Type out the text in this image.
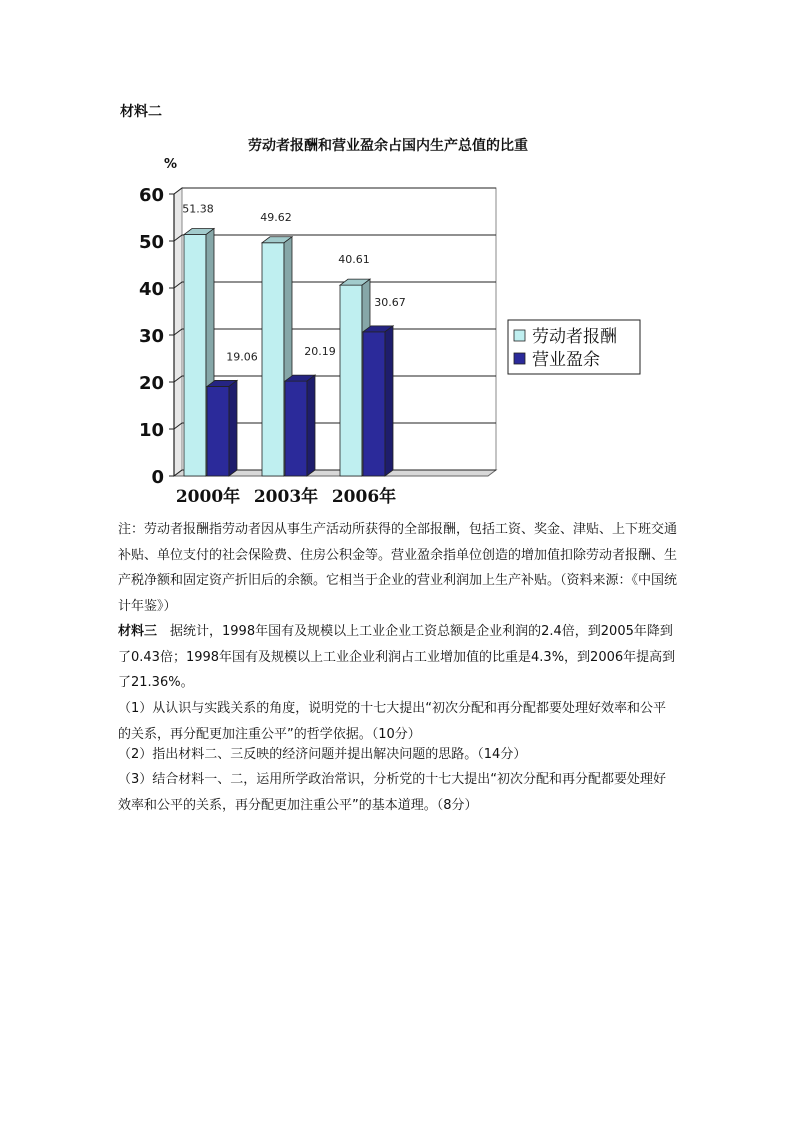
材料二
劳动者报酬和营业盈余占国内生产总值的比重
%
0
10
20
30
40
50
60
51.38
19.06
49.62
20.19
40.61
30.67
2000年 2003年 2006年
劳动者报酬
营业盈余
注：劳动者报酬指劳动者因从事生产活动所获得的全部报酬，包括工资、奖金、津贴、上下班交通补贴、单位支付的社会保险费、住房公积金等。营业盈余指单位创造的增加值扣除劳动者报酬、生产税净额和固定资产折旧后的余额。它相当于企业的营业利润加上生产补贴。（资料来源：《中国统计年鉴》）
材料三　据统计，1998年国有及规模以上工业企业工资总额是企业利润的2.4倍，到2005年降到了0.43倍；1998年国有及规模以上工业企业利润占工业增加值的比重是4.3%，到2006年提高到了21.36%。
（1）从认识与实践关系的角度，说明党的十七大提出“初次分配和再分配都要处理好效率和公平的关系，再分配更加注重公平”的哲学依据。（10分）
（2）指出材料二、三反映的经济问题并提出解决问题的思路。（14分）
（3）结合材料一、二，运用所学政治常识，分析党的十七大提出“初次分配和再分配都要处理好效率和公平的关系，再分配更加注重公平”的基本道理。（8分）
